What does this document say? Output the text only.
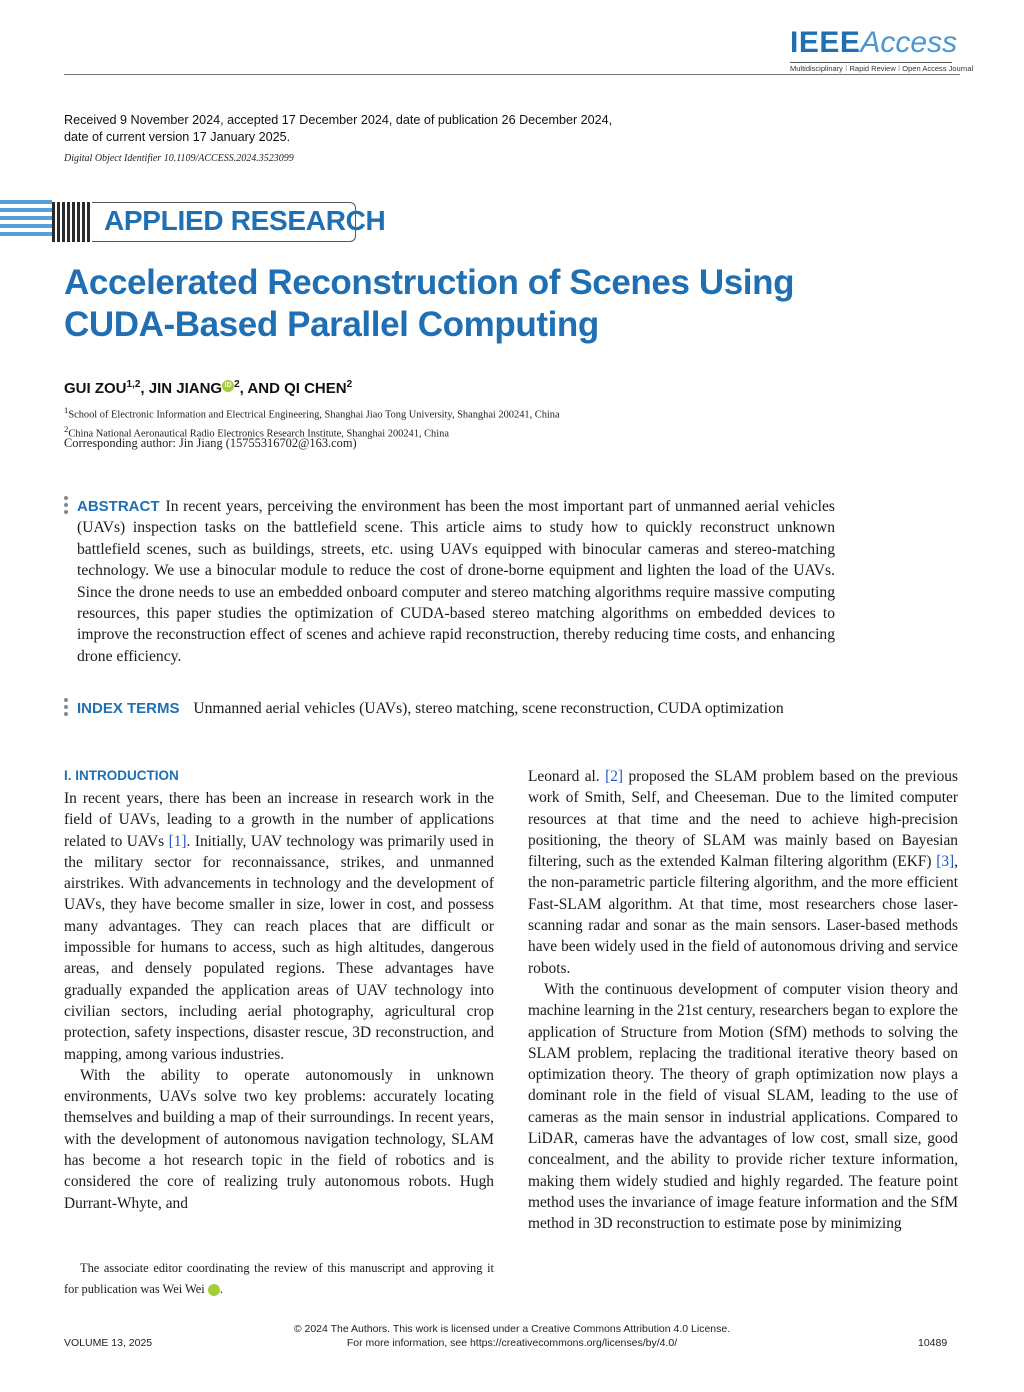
IEEEAccess
Multidisciplinary ⁝ Rapid Review ⁝ Open Access Journal
Received 9 November 2024, accepted 17 December 2024, date of publication 26 December 2024,
date of current version 17 January 2025.
Digital Object Identifier 10.1109/ACCESS.2024.3523099
APPLIED RESEARCH
Accelerated Reconstruction of Scenes Using
CUDA-Based Parallel Computing
GUI ZOU$^{1,2}$, JIN JIANG iD $^2$, AND QI CHEN$^2$
$^1$School of Electronic Information and Electrical Engineering, Shanghai Jiao Tong University, Shanghai 200241, China
$^2$China National Aeronautical Radio Electronics Research Institute, Shanghai 200241, China
Corresponding author: Jin Jiang (15755316702@163.com)
ABSTRACT In recent years, perceiving the environment has been the most important part of unmanned aerial vehicles (UAVs) inspection tasks on the battlefield scene. This article aims to study how to quickly reconstruct unknown battlefield scenes, such as buildings, streets, etc. using UAVs equipped with binocular cameras and stereo-matching technology. We use a binocular module to reduce the cost of drone-borne equipment and lighten the load of the UAVs. Since the drone needs to use an embedded onboard computer and stereo matching algorithms require massive computing resources, this paper studies the optimization of CUDA-based stereo matching algorithms on embedded devices to improve the reconstruction effect of scenes and achieve rapid reconstruction, thereby reducing time costs, and enhancing drone efficiency.
INDEX TERMS Unmanned aerial vehicles (UAVs), stereo matching, scene reconstruction, CUDA optimization
I. INTRODUCTION

In recent years, there has been an increase in research work in the field of UAVs, leading to a growth in the number of applications related to UAVs [1]. Initially, UAV technology was primarily used in the military sector for reconnaissance, strikes, and unmanned airstrikes. With advancements in technology and the development of UAVs, they have become smaller in size, lower in cost, and possess many advantages. They can reach places that are difficult or impossible for humans to access, such as high altitudes, dangerous areas, and densely populated regions. These advantages have gradually expanded the application areas of UAV technology into civilian sectors, including aerial photography, agricultural crop protection, safety inspections, disaster rescue, 3D reconstruction, and mapping, among various industries.

With the ability to operate autonomously in unknown environments, UAVs solve two key problems: accurately locating themselves and building a map of their surroundings. In recent years, with the development of autonomous navigation technology, SLAM has become a hot research topic in the field of robotics and is considered the core of realizing truly autonomous robots. Hugh Durrant-Whyte, and

Leonard al. [2] proposed the SLAM problem based on the previous work of Smith, Self, and Cheeseman. Due to the limited computer resources at that time and the need to achieve high-precision positioning, the theory of SLAM was mainly based on Bayesian filtering, such as the extended Kalman filtering algorithm (EKF) [3], the non-parametric particle filtering algorithm, and the more efficient Fast-SLAM algorithm. At that time, most researchers chose laser-scanning radar and sonar as the main sensors. Laser-based methods have been widely used in the field of autonomous driving and service robots.

With the continuous development of computer vision theory and machine learning in the 21st century, researchers began to explore the application of Structure from Motion (SfM) methods to solving the SLAM problem, replacing the traditional iterative theory based on optimization theory. The theory of graph optimization now plays a dominant role in the field of visual SLAM, leading to the use of cameras as the main sensor in industrial applications. Compared to LiDAR, cameras have the advantages of low cost, small size, good concealment, and the ability to provide richer texture information, making them widely studied and highly regarded. The feature point method uses the invariance of image feature information and the SfM method in 3D reconstruction to estimate pose by minimizing

The associate editor coordinating the review of this manuscript and approving it for publication was Wei Wei	iD.
VOLUME 13, 2025
© 2024 The Authors. This work is licensed under a Creative Commons Attribution 4.0 License.
For more information, see https://creativecommons.org/licenses/by/4.0/	10489
